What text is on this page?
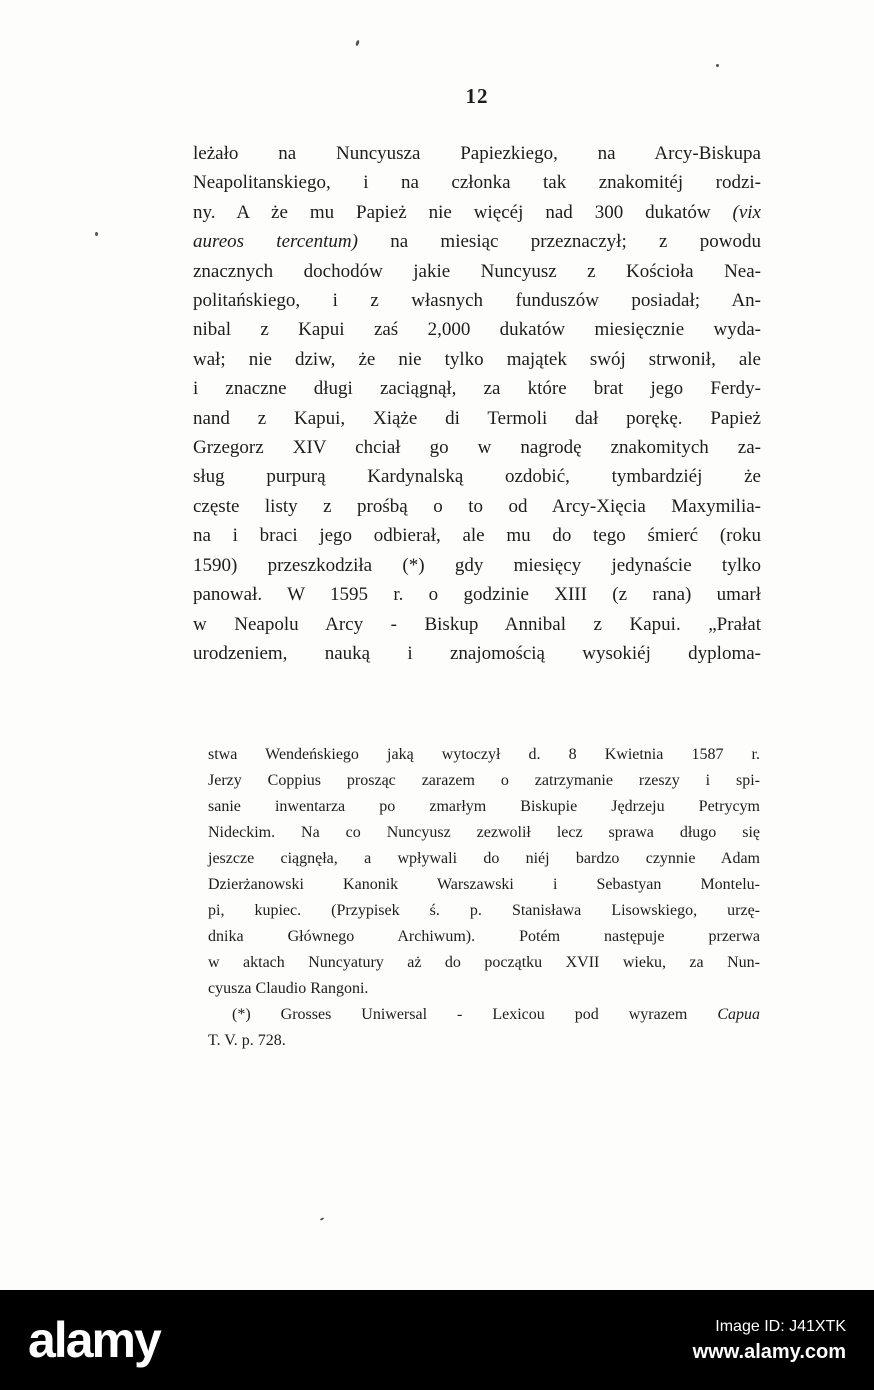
12
leżało na Nuncyusza Papiezkiego, na Arcy-Biskupa
Neapolitanskiego, i na członka tak znakomitéj rodzi-
ny. A że mu Papież nie więcéj nad 300 dukatów (vix
aureos tercentum) na miesiąc przeznaczył; z powodu
znacznych dochodów jakie Nuncyusz z Kościoła Nea-
politańskiego, i z własnych funduszów posiadał; An-
nibal z Kapui zaś 2,000 dukatów miesięcznie wyda-
wał; nie dziw, że nie tylko majątek swój strwonił, ale
i znaczne długi zaciągnął, za które brat jego Ferdy-
nand z Kapui, Xiąże di Termoli dał porękę. Papież
Grzegorz XIV chciał go w nagrodę znakomitych za-
sług purpurą Kardynalską ozdobić, tymbardziéj że
częste listy z prośbą o to od Arcy-Xięcia Maxymilia-
na i braci jego odbierał, ale mu do tego śmierć (roku
1590) przeszkodziła (*) gdy miesięcy jedynaście tylko
panował. W 1595 r. o godzinie XIII (z rana) umarł
w Neapolu Arcy - Biskup Annibal z Kapui. „Prałat
urodzeniem, nauką i znajomością wysokiéj dyploma-
stwa Wendeńskiego jaką wytoczył d. 8 Kwietnia 1587 r.
Jerzy Coppius prosząc zarazem o zatrzymanie rzeszy i spi-
sanie inwentarza po zmarłym Biskupie Jędrzeju Petrycym
Nideckim. Na co Nuncyusz zezwolił lecz sprawa długo się
jeszcze ciągnęła, a wpływali do niéj bardzo czynnie Adam
Dzierżanowski Kanonik Warszawski i Sebastyan Montelu-
pi, kupiec. (Przypisek ś. p. Stanisława Lisowskiego, urzę-
dnika Głównego Archiwum). Potém następuje przerwa
w aktach Nuncyatury aż do początku XVII wieku, za Nun-
cyusza Claudio Rangoni.
(*) Grosses Uniwersal - Lexicou pod wyrazem Capua
T. V. p. 728.
alamy	Image ID: J41XTK
www.alamy.com
